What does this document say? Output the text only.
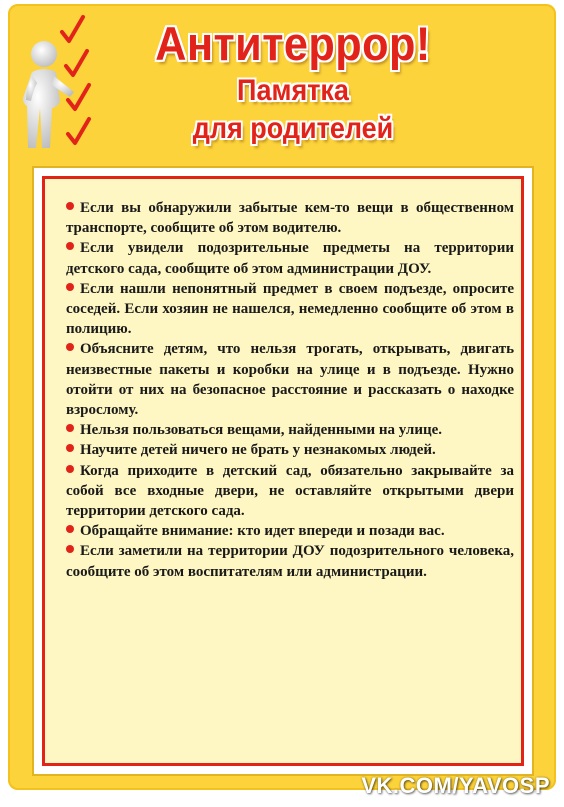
Антитеррор!
Памятка
для родителей

Если вы обнаружили забытые кем-то вещи в общественном транспорте, сообщите об этом водителю.

Если увидели подозрительные предметы на территории детского сада, сообщите об этом администрации ДОУ.

Если нашли непонятный предмет в своем подъезде, опросите соседей. Если хозяин не нашелся, немедленно сообщите об этом в полицию.

Объясните детям, что нельзя трогать, открывать, двигать неизвестные пакеты и коробки на улице и в подъезде. Нужно отойти от них на безопасное расстояние и рассказать о находке взрослому.

Нельзя пользоваться вещами, найденными на улице.

Научите детей ничего не брать у незнакомых людей.

Когда приходите в детский сад, обязательно закрывайте за собой все входные двери, не оставляйте открытыми двери территории детского сада.

Обращайте внимание: кто идет впереди и позади вас.

Если заметили на территории ДОУ подозрительного человека, сообщите об этом воспитателям или администрации.

VK.COM/YAVOSP
